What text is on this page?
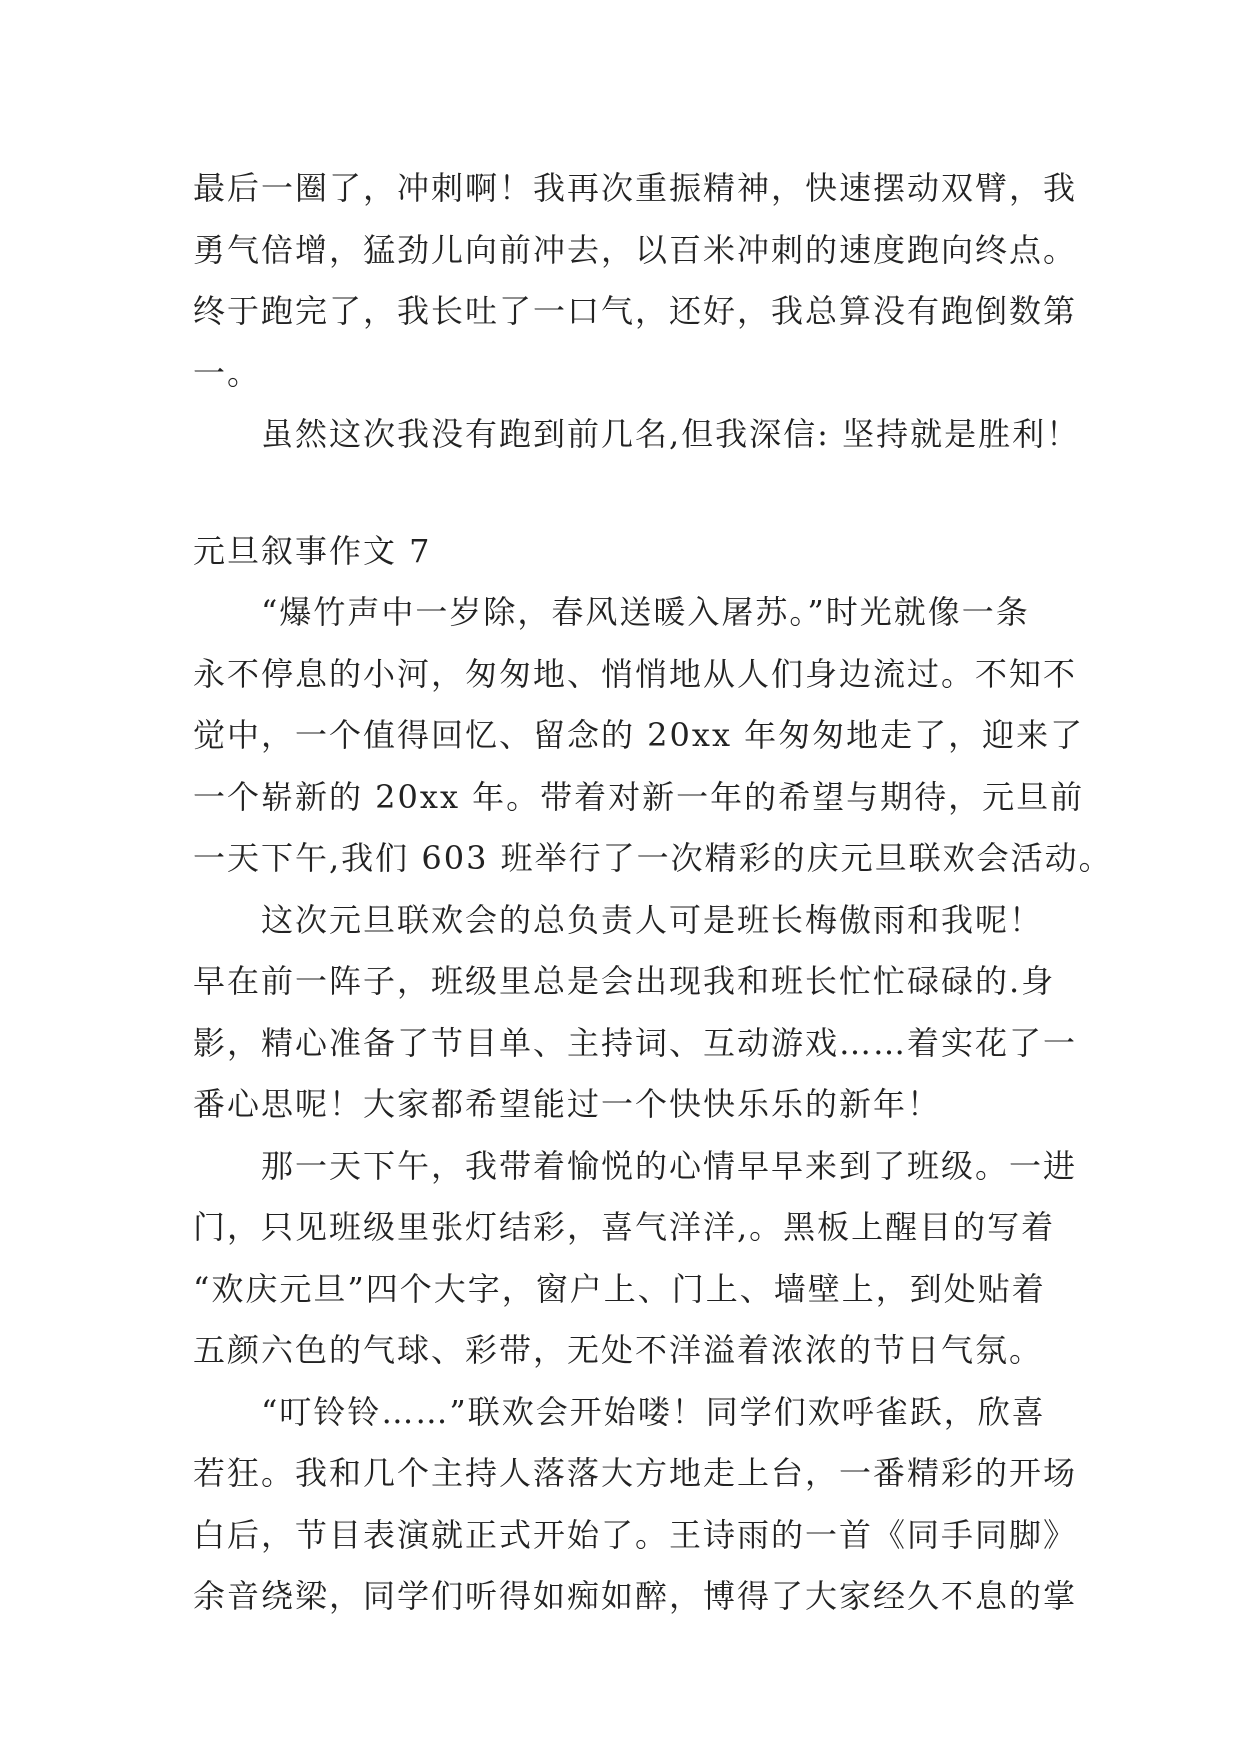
最后一圈了，冲刺啊！我再次重振精神，快速摆动双臂，我
勇气倍增，猛劲儿向前冲去，以百米冲刺的速度跑向终点。
终于跑完了，我长吐了一口气，还好，我总算没有跑倒数第
一。
虽然这次我没有跑到前几名,但我深信: 坚持就是胜利！
元旦叙事作文 7
“爆竹声中一岁除，春风送暖入屠苏。”时光就像一条
永不停息的小河，匆匆地、悄悄地从人们身边流过。不知不
觉中，一个值得回忆、留念的 20xx 年匆匆地走了，迎来了
一个崭新的 20xx 年。带着对新一年的希望与期待，元旦前
一天下午,我们 603 班举行了一次精彩的庆元旦联欢会活动。
这次元旦联欢会的总负责人可是班长梅傲雨和我呢！
早在前一阵子，班级里总是会出现我和班长忙忙碌碌的.身
影，精心准备了节目单、主持词、互动游戏……着实花了一
番心思呢！大家都希望能过一个快快乐乐的新年！
那一天下午，我带着愉悦的心情早早来到了班级。一进
门，只见班级里张灯结彩，喜气洋洋,。黑板上醒目的写着
“欢庆元旦”四个大字，窗户上、门上、墙壁上，到处贴着
五颜六色的气球、彩带，无处不洋溢着浓浓的节日气氛。
“叮铃铃……”联欢会开始喽！同学们欢呼雀跃，欣喜
若狂。我和几个主持人落落大方地走上台，一番精彩的开场
白后，节目表演就正式开始了。王诗雨的一首《同手同脚》
余音绕梁，同学们听得如痴如醉，博得了大家经久不息的掌
